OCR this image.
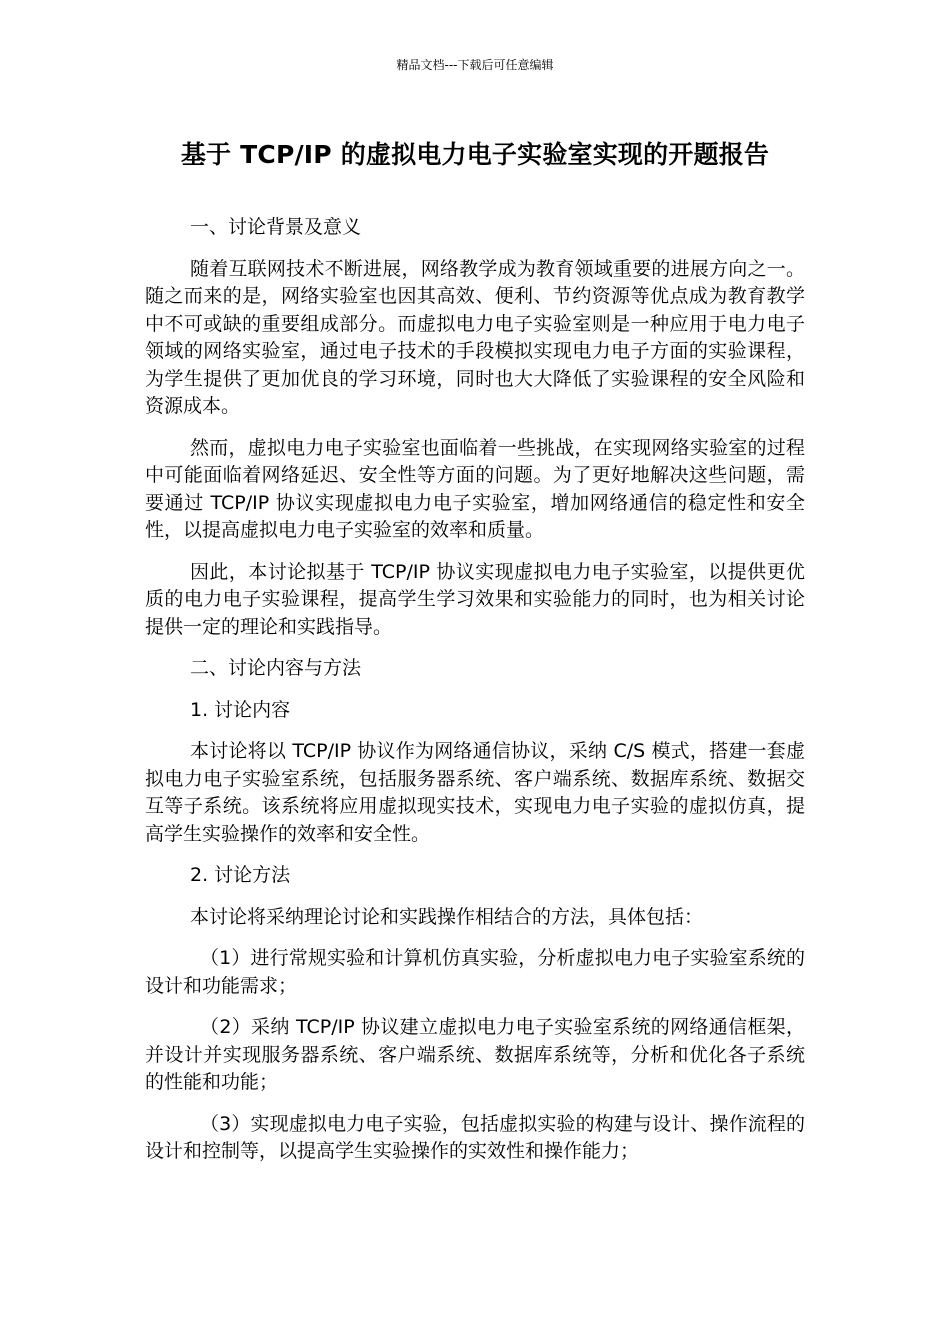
精品文档---下载后可任意编辑
基于 TCP/IP 的虚拟电力电子实验室实现的开题报告

一、讨论背景及意义

随着互联网技术不断进展，网络教学成为教育领域重要的进展方向之一。随之而来的是，网络实验室也因其高效、便利、节约资源等优点成为教育教学中不可或缺的重要组成部分。而虚拟电力电子实验室则是一种应用于电力电子领域的网络实验室，通过电子技术的手段模拟实现电力电子方面的实验课程，为学生提供了更加优良的学习环境，同时也大大降低了实验课程的安全风险和资源成本。

然而，虚拟电力电子实验室也面临着一些挑战，在实现网络实验室的过程中可能面临着网络延迟、安全性等方面的问题。为了更好地解决这些问题，需要通过 TCP/IP 协议实现虚拟电力电子实验室，增加网络通信的稳定性和安全性，以提高虚拟电力电子实验室的效率和质量。

因此，本讨论拟基于 TCP/IP 协议实现虚拟电力电子实验室，以提供更优质的电力电子实验课程，提高学生学习效果和实验能力的同时，也为相关讨论提供一定的理论和实践指导。

二、讨论内容与方法

1. 讨论内容

本讨论将以 TCP/IP 协议作为网络通信协议，采纳 C/S 模式，搭建一套虚拟电力电子实验室系统，包括服务器系统、客户端系统、数据库系统、数据交互等子系统。该系统将应用虚拟现实技术，实现电力电子实验的虚拟仿真，提高学生实验操作的效率和安全性。

2. 讨论方法

本讨论将采纳理论讨论和实践操作相结合的方法，具体包括：

（1）进行常规实验和计算机仿真实验，分析虚拟电力电子实验室系统的设计和功能需求；

（2）采纳 TCP/IP 协议建立虚拟电力电子实验室系统的网络通信框架，并设计并实现服务器系统、客户端系统、数据库系统等，分析和优化各子系统的性能和功能；

（3）实现虚拟电力电子实验，包括虚拟实验的构建与设计、操作流程的设计和控制等，以提高学生实验操作的实效性和操作能力；
